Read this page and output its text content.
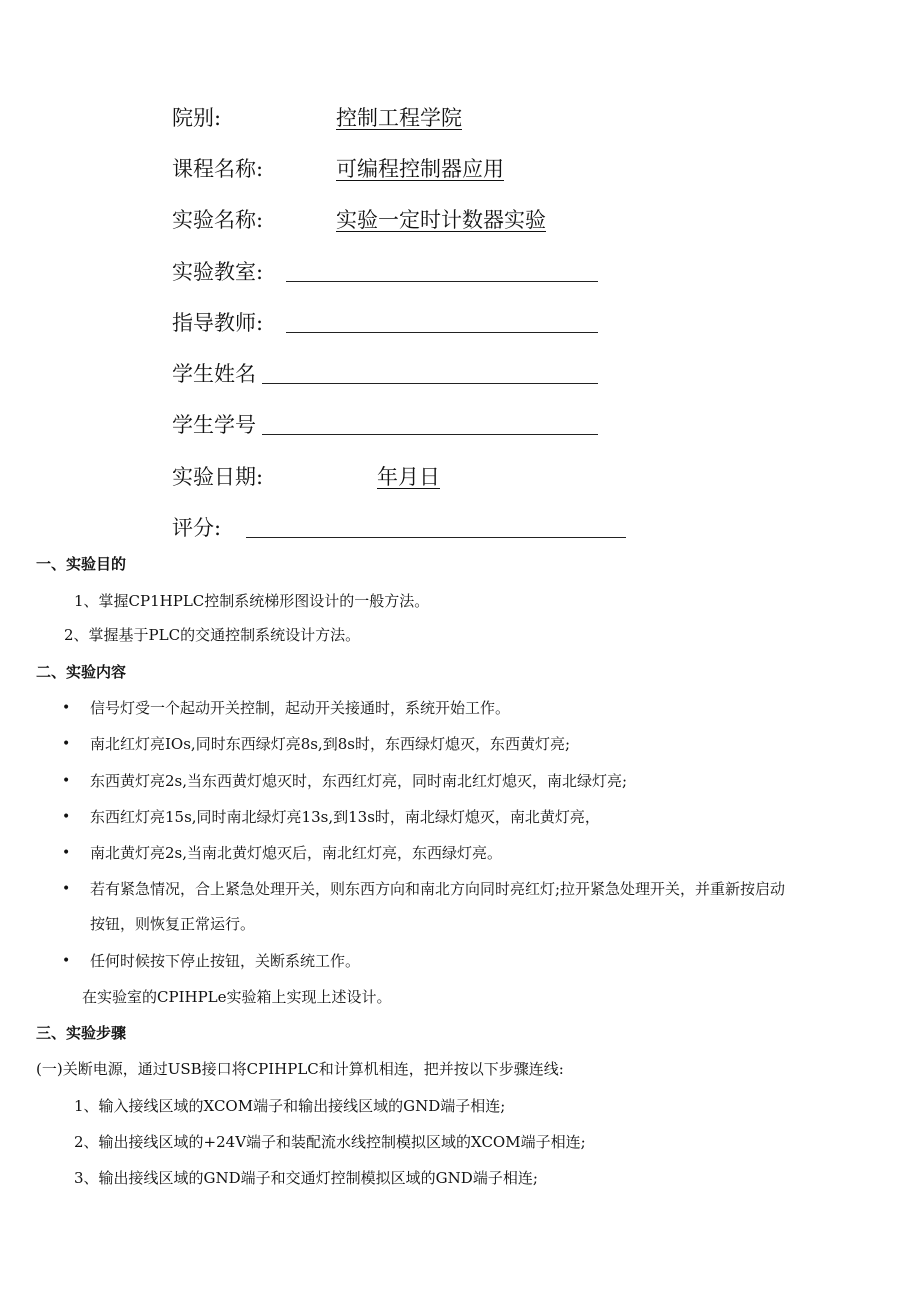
院别:	控制工程学院
课程名称:	可编程控制器应用
实验名称:	实验一定时计数器实验
实验教室:
指导教师:
学生姓名
学生学号
实验日期:	年月日
评分:
一、实验目的
1、掌握CP1HPLC控制系统梯形图设计的一般方法。
2、掌握基于PLC的交通控制系统设计方法。
二、实验内容
• 信号灯受一个起动开关控制，起动开关接通时，系统开始工作。
• 南北红灯亮IOs,同时东西绿灯亮8s,到8s时，东西绿灯熄灭，东西黄灯亮;
• 东西黄灯亮2s,当东西黄灯熄灭时，东西红灯亮，同时南北红灯熄灭，南北绿灯亮;
• 东西红灯亮15s,同时南北绿灯亮13s,到13s时，南北绿灯熄灭，南北黄灯亮，
• 南北黄灯亮2s,当南北黄灯熄灭后，南北红灯亮，东西绿灯亮。
• 若有紧急情况，合上紧急处理开关，则东西方向和南北方向同时亮红灯;拉开紧急处理开关，并重新按启动
按钮，则恢复正常运行。
• 任何时候按下停止按钮，关断系统工作。
在实验室的CPIHPLe实验箱上实现上述设计。
三、实验步骤
(一)关断电源，通过USB接口将CPIHPLC和计算机相连，把并按以下步骤连线:
1、输入接线区域的XCOM端子和输出接线区域的GND端子相连;
2、输出接线区域的+24V端子和装配流水线控制模拟区域的XCOM端子相连;
3、输出接线区域的GND端子和交通灯控制模拟区域的GND端子相连;
